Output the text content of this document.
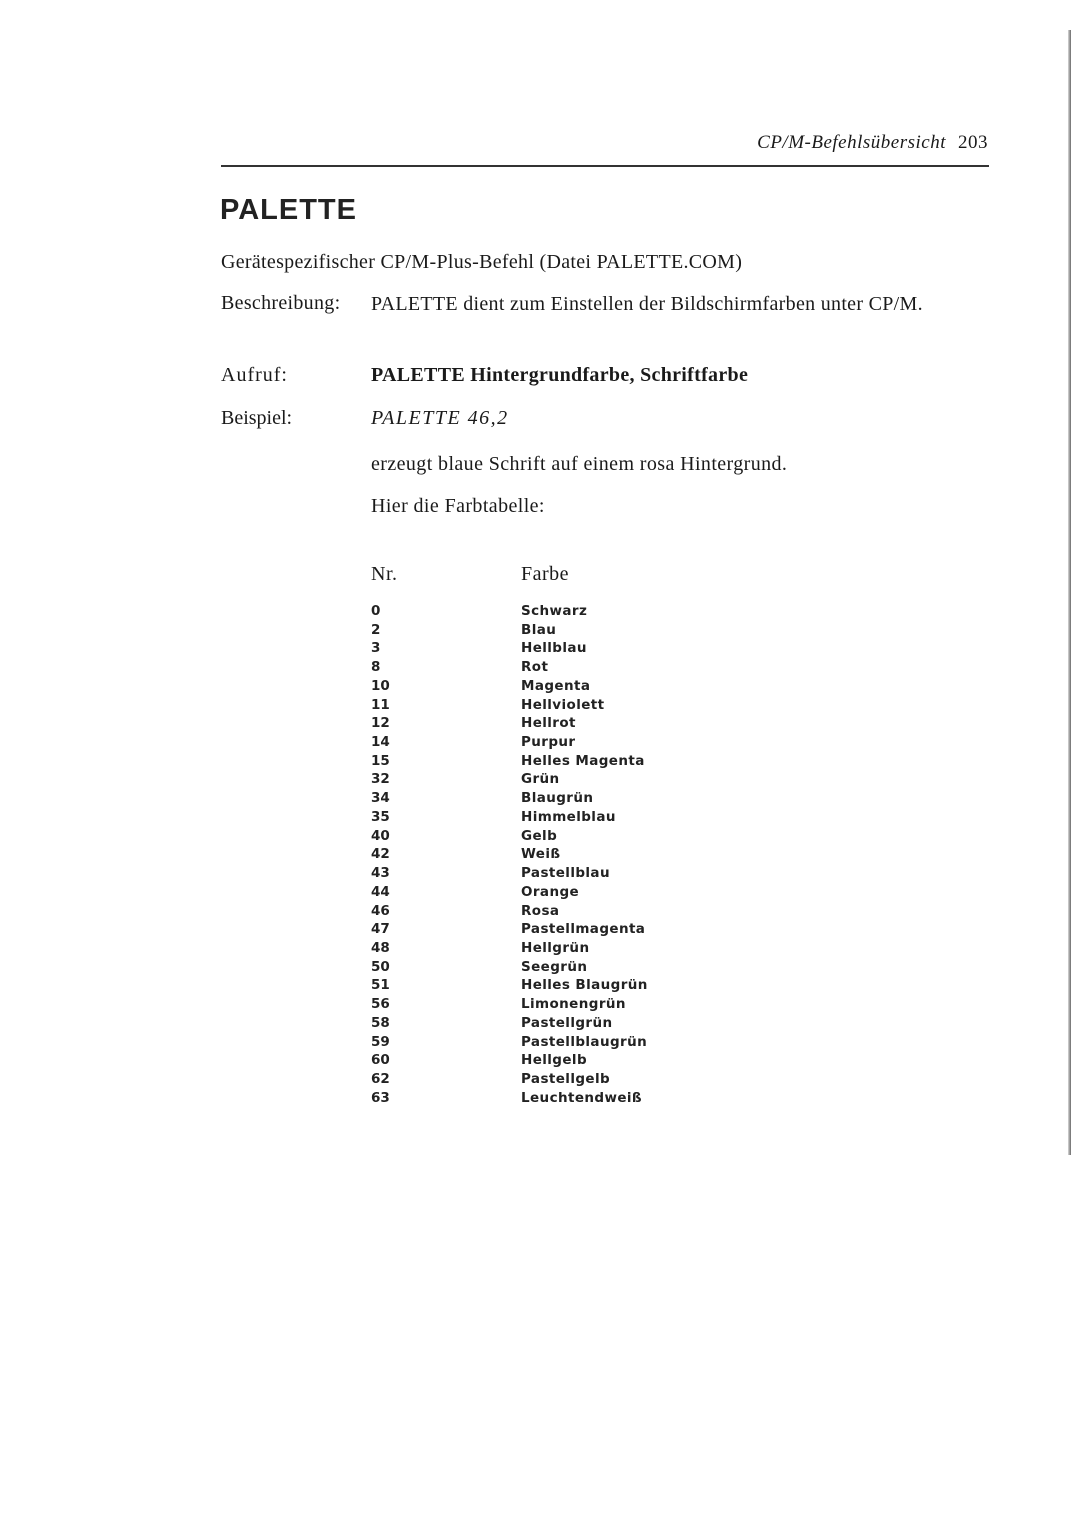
CP/M-Befehlsübersicht 203
PALETTE
Gerätespezifischer CP/M-Plus-Befehl (Datei PALETTE.COM)
Beschreibung: PALETTE dient zum Einstellen der Bildschirmfarben unter CP/M.
Aufruf:	PALETTE Hintergrundfarbe, Schriftfarbe
Beispiel:	PALETTE 46,2
erzeugt blaue Schrift auf einem rosa Hintergrund.
Hier die Farbtabelle:
Nr.	Farbe
0	Schwarz
2	Blau
3	Hellblau
8	Rot
10	Magenta
11	Hellviolett
12	Hellrot
14	Purpur
15	Helles Magenta
32	Grün
34	Blaugrün
35	Himmelblau
40	Gelb
42	Weiß
43	Pastellblau
44	Orange
46	Rosa
47	Pastellmagenta
48	Hellgrün
50	Seegrün
51	Helles Blaugrün
56	Limonengrün
58	Pastellgrün
59	Pastellblaugrün
60	Hellgelb
62	Pastellgelb
63	Leuchtendweiß
